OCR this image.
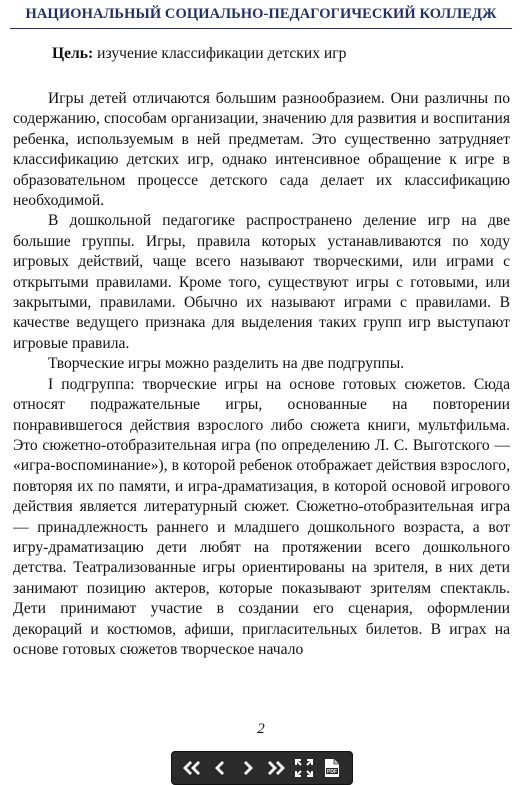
НАЦИОНАЛЬНЫЙ СОЦИАЛЬНО-ПЕДАГОГИЧЕСКИЙ КОЛЛЕДЖ
Цель: изучение классификации детских игр

Игры детей отличаются большим разнообразием. Они различны по содержанию, способам организации, значению для развития и воспитания ребенка, используемым в ней предметам. Это существенно затрудняет классификацию детских игр, однако интенсивное обращение к игре в образовательном процессе детского сада делает их классификацию необходимой.

В дошкольной педагогике распространено деление игр на две большие группы. Игры, правила которых устанавливаются по ходу игровых действий, чаще всего называют творческими, или играми с открытыми правилами. Кроме того, существуют игры с готовыми, или закрытыми, правилами. Обычно их называют играми с правилами. В качестве ведущего признака для выделения таких групп игр выступают игровые правила.

Творческие игры можно разделить на две подгруппы.

I подгруппа: творческие игры на основе готовых сюжетов. Сюда относят подражательные игры, основанные на повторении понравившегося действия взрослого либо сюжета книги, мультфильма. Это сюжетно-отобразительная игра (по определению Л. С. Выготского — «игра-воспоминание»), в которой ребенок отображает действия взрослого, повторяя их по памяти, и игра-драматизация, в которой основой игрового действия является литературный сюжет. Сюжетно-отобразительная игра — принадлежность раннего и младшего дошкольного возраста, а вот игру-драматизацию дети любят на протяжении всего дошкольного детства. Театрализованные игры ориентированы на зрителя, в них дети занимают позицию актеров, которые показывают зрителям спектакль. Дети принимают участие в создании его сценария, оформлении декораций и костюмов, афиши, пригласительных билетов. В играх на основе готовых сюжетов творческое начало

2
PDF
